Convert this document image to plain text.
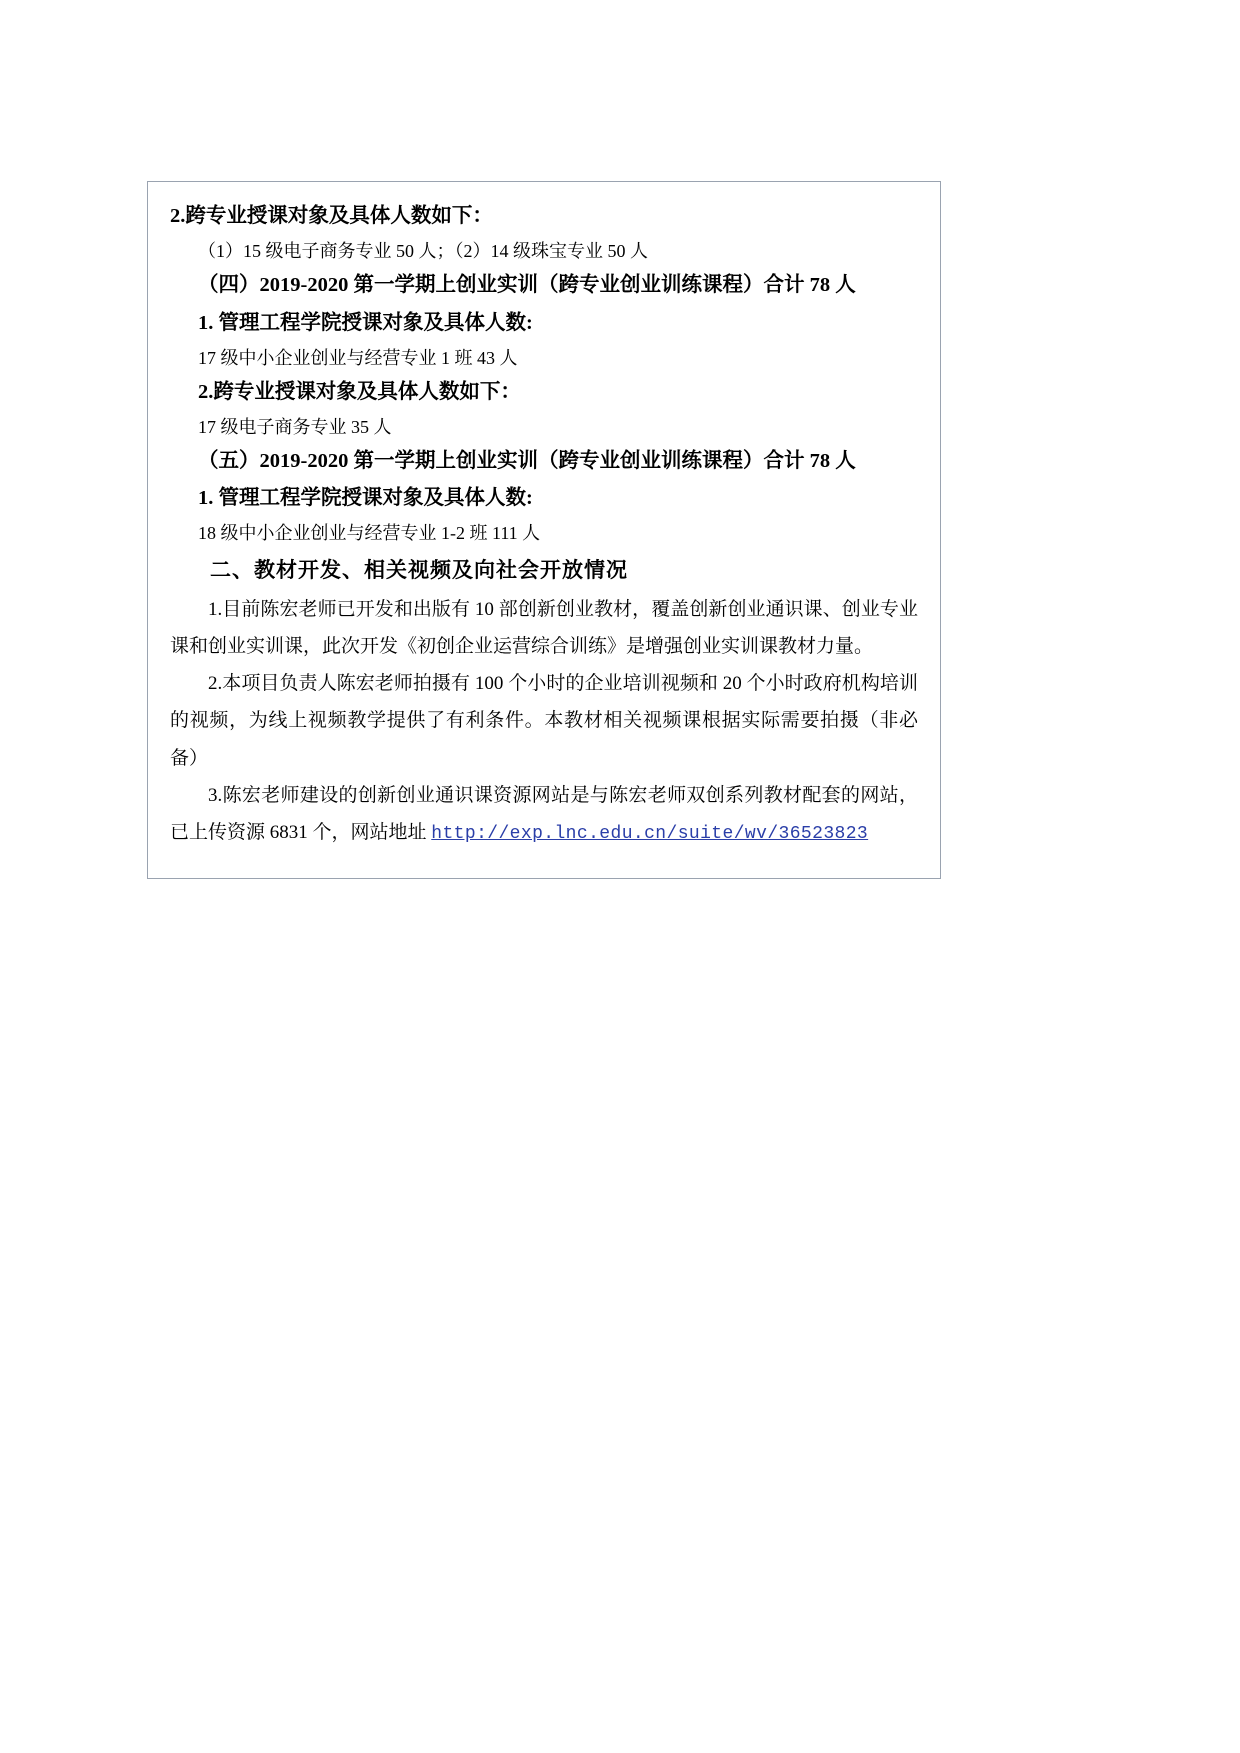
2.跨专业授课对象及具体人数如下：
（1）15 级电子商务专业 50 人；（2）14 级珠宝专业 50 人
（四）2019-2020 第一学期上创业实训（跨专业创业训练课程）合计 78 人
1. 管理工程学院授课对象及具体人数:
17 级中小企业创业与经营专业 1 班 43 人
2.跨专业授课对象及具体人数如下：
17 级电子商务专业 35 人
（五）2019-2020 第一学期上创业实训（跨专业创业训练课程）合计 78 人
1. 管理工程学院授课对象及具体人数:
18 级中小企业创业与经营专业 1-2 班 111 人
二、教材开发、相关视频及向社会开放情况
1.目前陈宏老师已开发和出版有 10 部创新创业教材，覆盖创新创业通识课、创业专业课和创业实训课，此次开发《初创企业运营综合训练》是增强创业实训课教材力量。
2.本项目负责人陈宏老师拍摄有 100 个小时的企业培训视频和 20 个小时政府机构培训的视频，为线上视频教学提供了有利条件。本教材相关视频课根据实际需要拍摄（非必备）
3.陈宏老师建设的创新创业通识课资源网站是与陈宏老师双创系列教材配套的网站，已上传资源 6831 个，网站地址 http://exp.lnc.edu.cn/suite/wv/36523823
